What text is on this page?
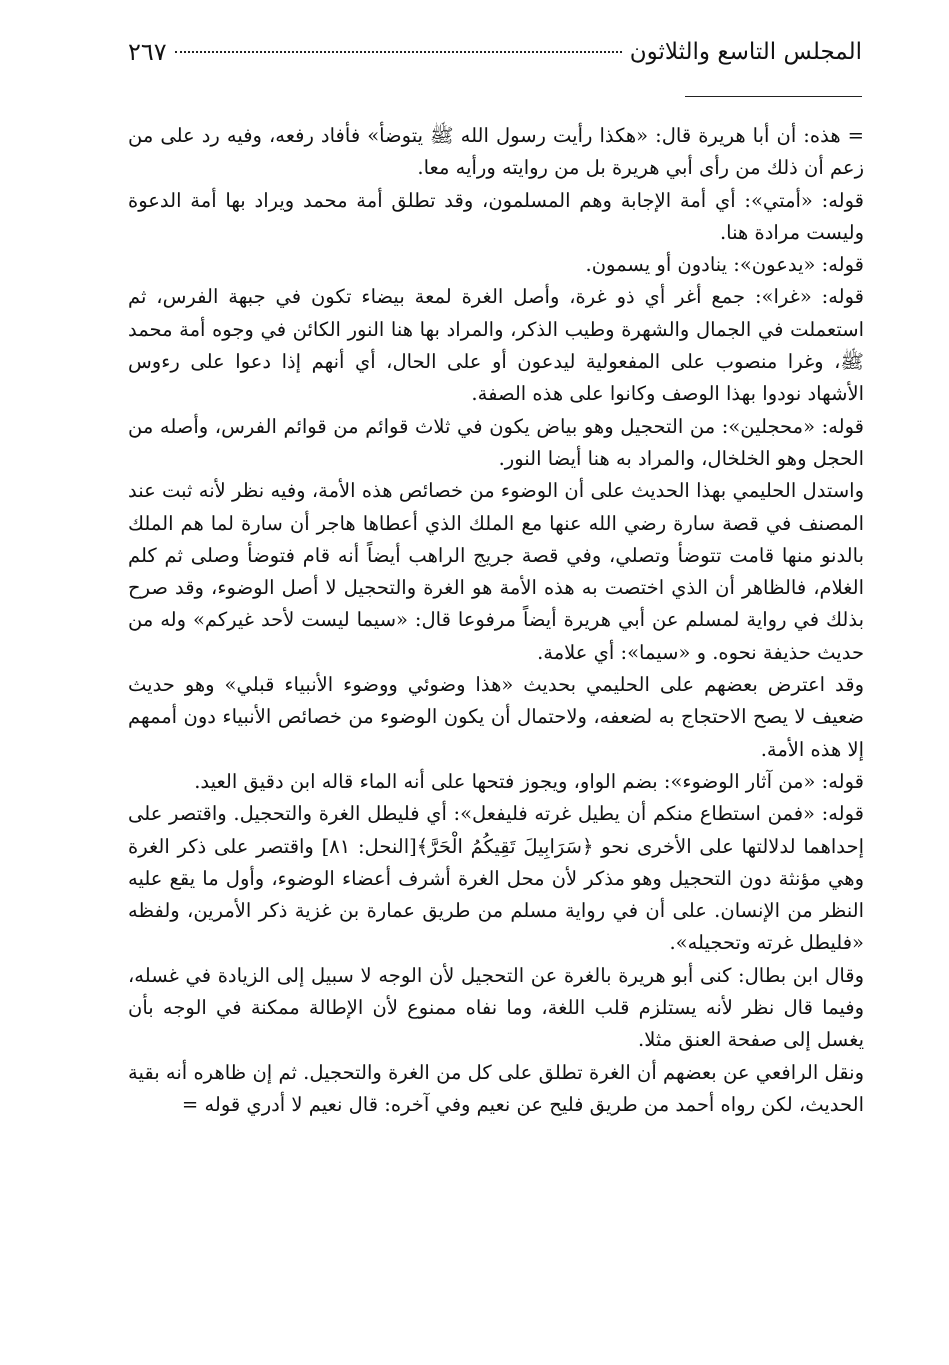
المجلس التاسع والثلاثون
٢٦٧

= هذه: أن أبا هريرة قال: «هكذا رأيت رسول الله ﷺ يتوضأ» فأفاد رفعه، وفيه رد على من زعم أن ذلك من رأى أبي هريرة بل من روايته ورأيه معا.

قوله: «أمتي»: أي أمة الإجابة وهم المسلمون، وقد تطلق أمة محمد ويراد بها أمة الدعوة وليست مرادة هنا.

قوله: «يدعون»: ينادون أو يسمون.

قوله: «غرا»: جمع أغر أي ذو غرة، وأصل الغرة لمعة بيضاء تكون في جبهة الفرس، ثم استعملت في الجمال والشهرة وطيب الذكر، والمراد بها هنا النور الكائن في وجوه أمة محمد ﷺ، وغرا منصوب على المفعولية ليدعون أو على الحال، أي أنهم إذا دعوا على رءوس الأشهاد نودوا بهذا الوصف وكانوا على هذه الصفة.

قوله: «محجلين»: من التحجيل وهو بياض يكون في ثلاث قوائم من قوائم الفرس، وأصله من الحجل وهو الخلخال، والمراد به هنا أيضا النور.

واستدل الحليمي بهذا الحديث على أن الوضوء من خصائص هذه الأمة، وفيه نظر لأنه ثبت عند المصنف في قصة سارة رضي الله عنها مع الملك الذي أعطاها هاجر أن سارة لما هم الملك بالدنو منها قامت تتوضأ وتصلي، وفي قصة جريج الراهب أيضاً أنه قام فتوضأ وصلى ثم كلم الغلام، فالظاهر أن الذي اختصت به هذه الأمة هو الغرة والتحجيل لا أصل الوضوء، وقد صرح بذلك في رواية لمسلم عن أبي هريرة أيضاً مرفوعا قال: «سيما ليست لأحد غيركم» وله من حديث حذيفة نحوه. و «سيما»: أي علامة.

وقد اعترض بعضهم على الحليمي بحديث «هذا وضوئي ووضوء الأنبياء قبلي» وهو حديث ضعيف لا يصح الاحتجاج به لضعفه، ولاحتمال أن يكون الوضوء من خصائص الأنبياء دون أممهم إلا هذه الأمة.

قوله: «من آثار الوضوء»: بضم الواو، ويجوز فتحها على أنه الماء قاله ابن دقيق العيد.

قوله: «فمن استطاع منكم أن يطيل غرته فليفعل»: أي فليطل الغرة والتحجيل. واقتصر على إحداهما لدلالتها على الأخرى نحو ﴿سَرَابِيلَ تَقِيكُمُ الْحَرَّ﴾[النحل: ٨١] واقتصر على ذكر الغرة وهي مؤنثة دون التحجيل وهو مذكر لأن محل الغرة أشرف أعضاء الوضوء، وأول ما يقع عليه النظر من الإنسان. على أن في رواية مسلم من طريق عمارة بن غزية ذكر الأمرين، ولفظه «فليطل غرته وتحجيله».

وقال ابن بطال: كنى أبو هريرة بالغرة عن التحجيل لأن الوجه لا سبيل إلى الزيادة في غسله، وفيما قال نظر لأنه يستلزم قلب اللغة، وما نفاه ممنوع لأن الإطالة ممكنة في الوجه بأن يغسل إلى صفحة العنق مثلا.

ونقل الرافعي عن بعضهم أن الغرة تطلق على كل من الغرة والتحجيل. ثم إن ظاهره أنه بقية الحديث، لكن رواه أحمد من طريق فليح عن نعيم وفي آخره: قال نعيم لا أدري قوله =
